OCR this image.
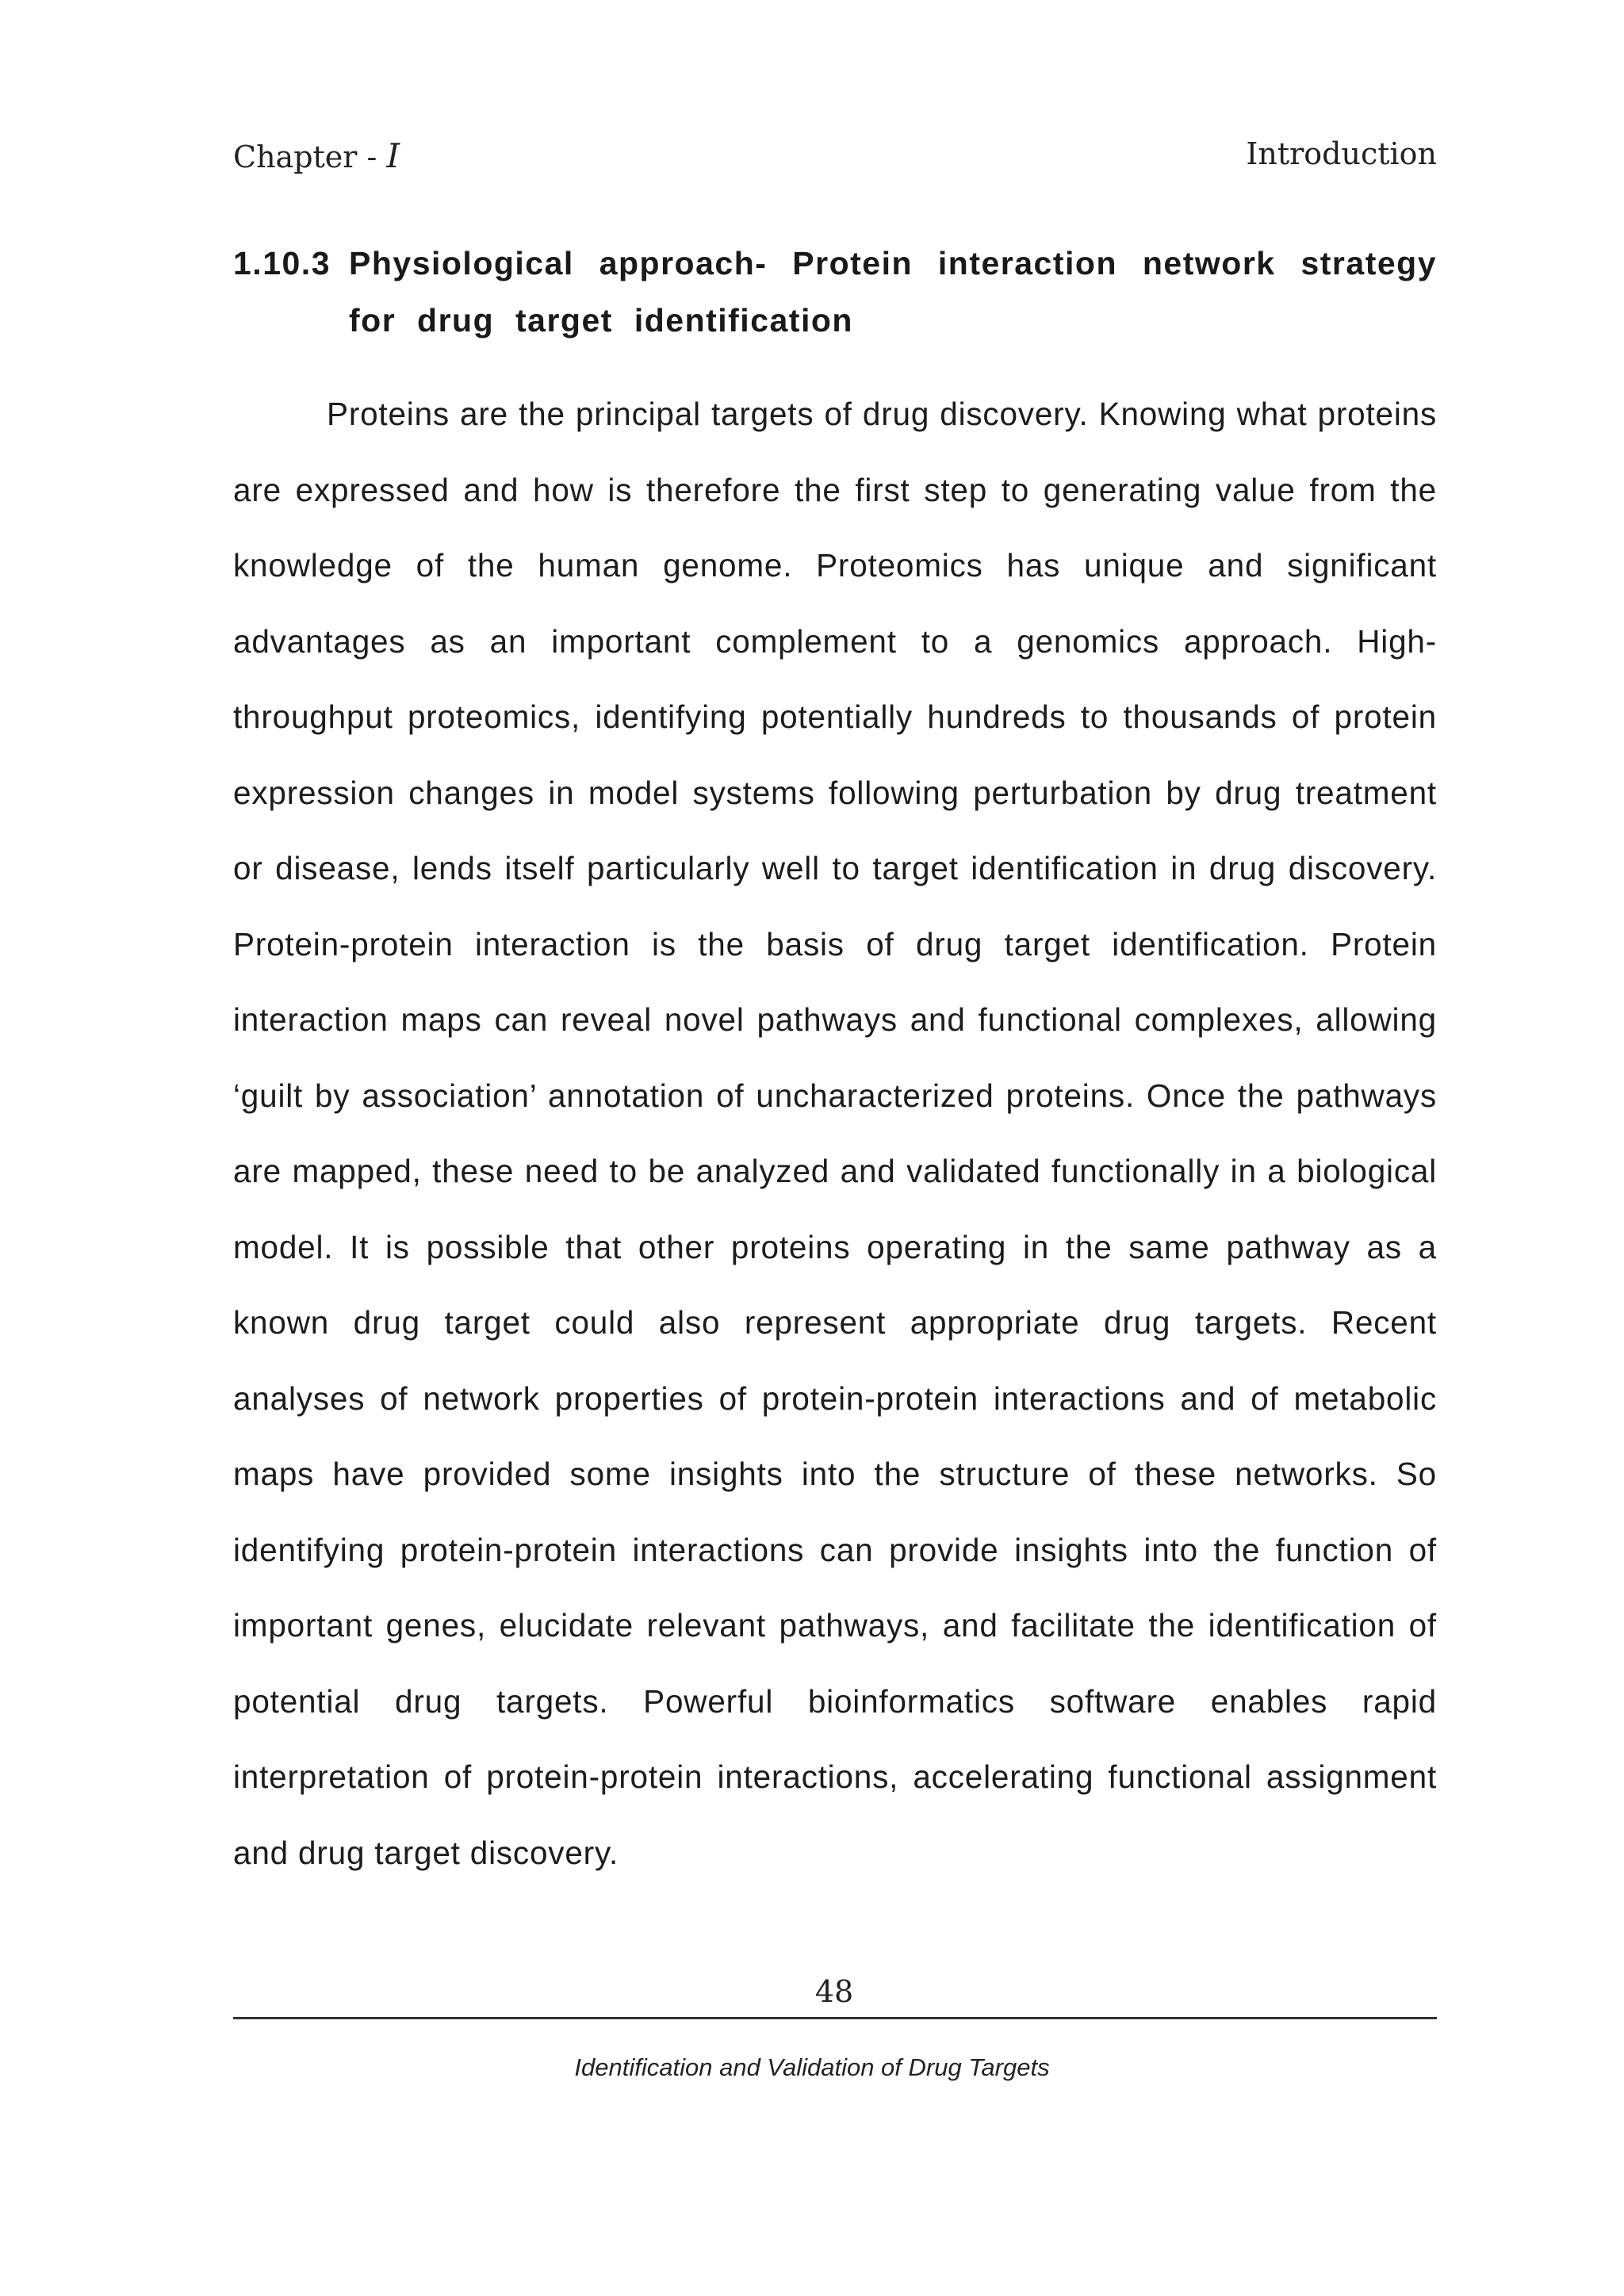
Chapter - I	Introduction
1.10.3 Physiological approach- Protein interaction network strategy for drug target identification

Proteins are the principal targets of drug discovery. Knowing what proteins are expressed and how is therefore the first step to generating value from the knowledge of the human genome. Proteomics has unique and significant advantages as an important complement to a genomics approach. High-throughput proteomics, identifying potentially hundreds to thousands of protein expression changes in model systems following perturbation by drug treatment or disease, lends itself particularly well to target identification in drug discovery. Protein-protein interaction is the basis of drug target identification. Protein interaction maps can reveal novel pathways and functional complexes, allowing ‘guilt by association’ annotation of uncharacterized proteins. Once the pathways are mapped, these need to be analyzed and validated functionally in a biological model. It is possible that other proteins operating in the same pathway as a known drug target could also represent appropriate drug targets. Recent analyses of network properties of protein-protein interactions and of metabolic maps have provided some insights into the structure of these networks. So identifying protein-protein interactions can provide insights into the function of important genes, elucidate relevant pathways, and facilitate the identification of potential drug targets. Powerful bioinformatics software enables rapid interpretation of protein-protein interactions, accelerating functional assignment and drug target discovery.

48
Identification and Validation of Drug Targets
